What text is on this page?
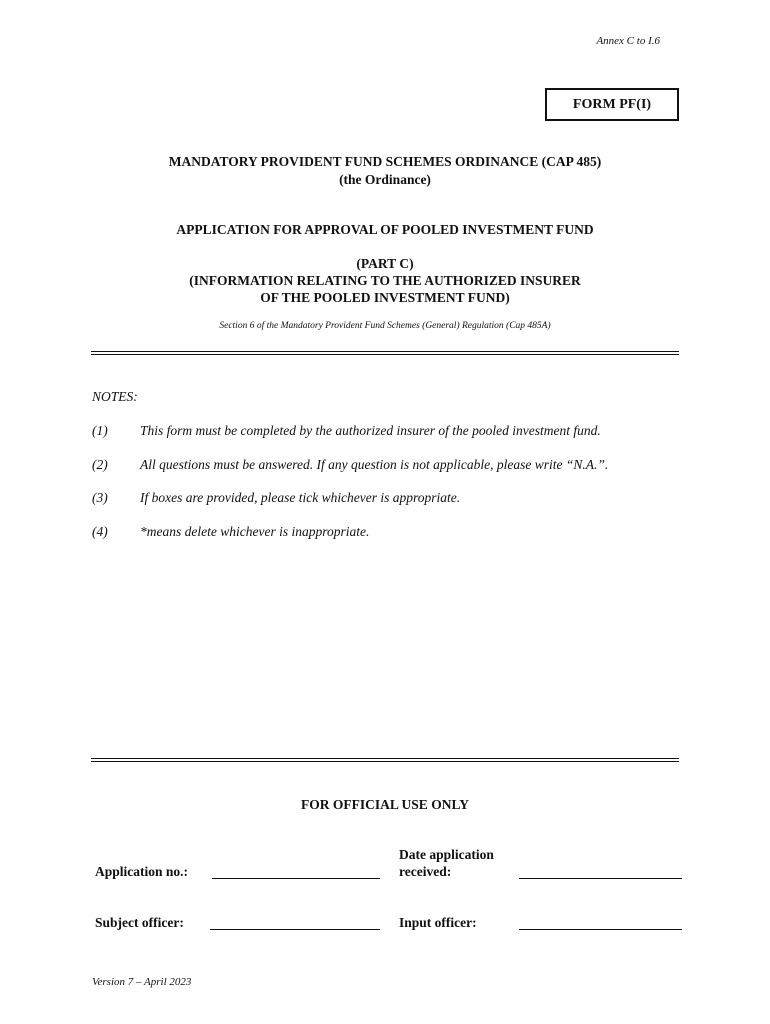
Annex C to I.6
FORM PF(I)
MANDATORY PROVIDENT FUND SCHEMES ORDINANCE (CAP 485)
(the Ordinance)
APPLICATION FOR APPROVAL OF POOLED INVESTMENT FUND
(PART C)
(INFORMATION RELATING TO THE AUTHORIZED INSURER
OF THE POOLED INVESTMENT FUND)
Section 6 of the Mandatory Provident Fund Schemes (General) Regulation (Cap 485A)
NOTES:
(1) This form must be completed by the authorized insurer of the pooled investment fund.
(2) All questions must be answered. If any question is not applicable, please write “N.A.”.
(3) If boxes are provided, please tick whichever is appropriate.
(4) *means delete whichever is inappropriate.
FOR OFFICIAL USE ONLY
Application no.:
Date application
received:
Subject officer:	Input officer:
Version 7 – April 2023
